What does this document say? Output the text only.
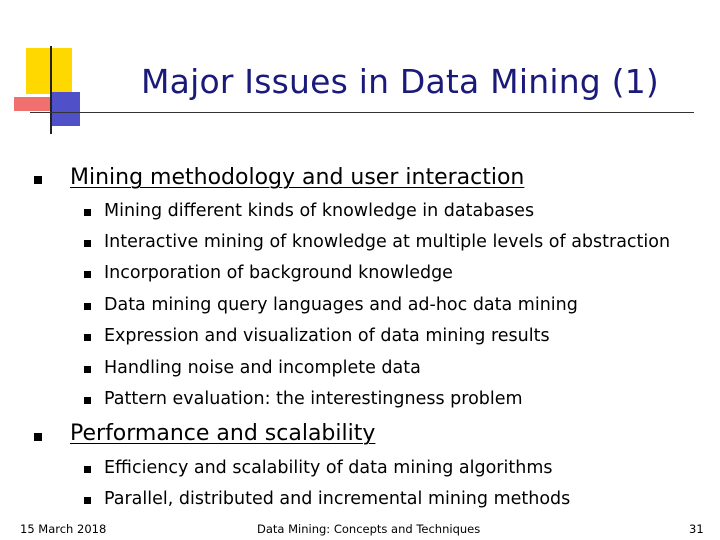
Major Issues in Data Mining (1)
Mining methodology and user interaction
Mining different kinds of knowledge in databases
Interactive mining of knowledge at multiple levels of abstraction
Incorporation of background knowledge
Data mining query languages and ad-hoc data mining
Expression and visualization of data mining results
Handling noise and incomplete data
Pattern evaluation: the interestingness problem
Performance and scalability
Efficiency and scalability of data mining algorithms
Parallel, distributed and incremental mining methods
15 March 2018	Data Mining: Concepts and Techniques	31
